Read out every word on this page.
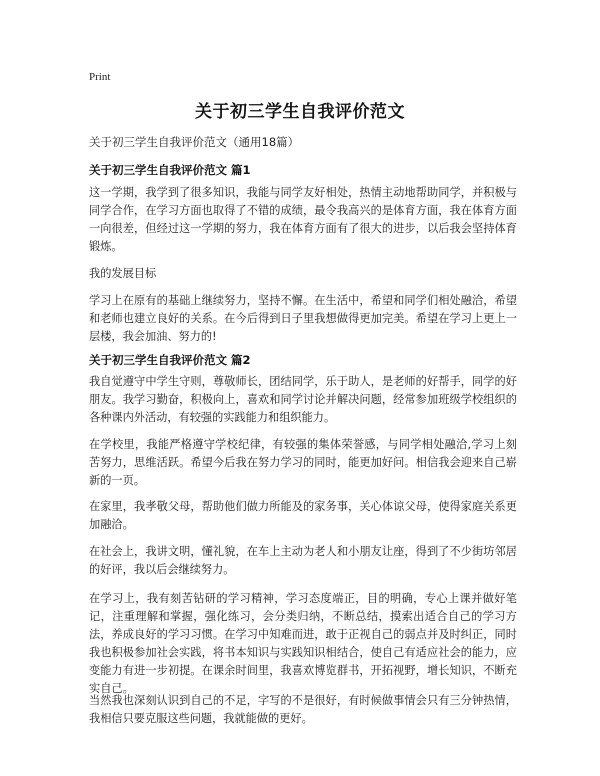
Print
关于初三学生自我评价范文
关于初三学生自我评价范文（通用18篇）
关于初三学生自我评价范文 篇1
这一学期，我学到了很多知识，我能与同学友好相处，热情主动地帮助同学，并积极与同学合作，在学习方面也取得了不错的成绩，最令我高兴的是体育方面，我在体育方面一向很差，但经过这一学期的努力，我在体育方面有了很大的进步，以后我会坚持体育锻炼。
我的发展目标
学习上在原有的基础上继续努力，坚持不懈。在生活中，希望和同学们相处融洽，希望和老师也建立良好的关系。在今后得到日子里我想做得更加完美。希望在学习上更上一层楼，我会加油、努力的!
关于初三学生自我评价范文 篇2
我自觉遵守中学生守则，尊敬师长，团结同学，乐于助人，是老师的好帮手，同学的好朋友。我学习勤奋，积极向上，喜欢和同学讨论并解决问题，经常参加班级学校组织的各种课内外活动，有较强的实践能力和组织能力。
在学校里，我能严格遵守学校纪律，有较强的集体荣誉感，与同学相处融洽,学习上刻苦努力，思维活跃。希望今后我在努力学习的同时，能更加好问。相信我会迎来自己崭新的一页。
在家里，我孝敬父母，帮助他们做力所能及的家务事，关心体谅父母，使得家庭关系更加融洽。
在社会上，我讲文明，懂礼貌，在车上主动为老人和小朋友让座，得到了不少街坊邻居的好评，我以后会继续努力。
在学习上，我有刻苦钻研的学习精神，学习态度端正，目的明确，专心上课并做好笔记，注重理解和掌握，强化练习，会分类归纳，不断总结，摸索出适合自己的学习方法，养成良好的学习习惯。在学习中知难而进，敢于正视自己的弱点并及时纠正，同时我也积极参加社会实践，将书本知识与实践知识相结合，使自己有适应社会的能力，应变能力有进一步初提。在课余时间里，我喜欢博览群书，开拓视野，增长知识，不断充实自己。
当然我也深刻认识到自己的不足，字写的不是很好，有时候做事情会只有三分钟热情，我相信只要克服这些问题，我就能做的更好。
